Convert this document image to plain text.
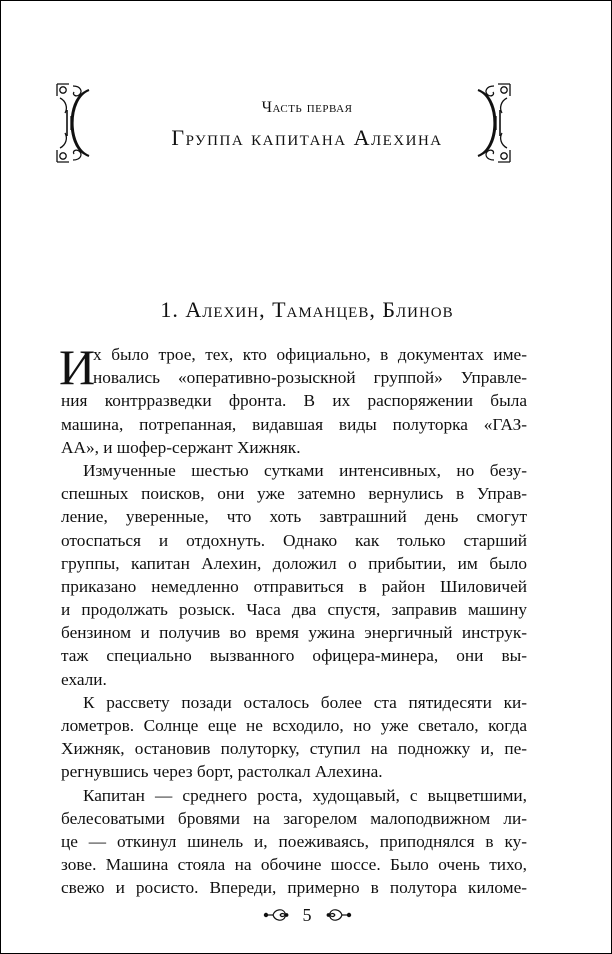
Часть первая
Группа капитана Алехина
1. Алехин, Таманцев, Блинов
И
х было трое, тех, кто официально, в документах име-
новались «оперативно-розыскной группой» Управле-
ния контрразведки фронта. В их распоряжении была
машина, потрепанная, видавшая виды полуторка «ГАЗ-
АА», и шофер-сержант Хижняк.
Измученные шестью сутками интенсивных, но безу-
спешных поисков, они уже затемно вернулись в Управ-
ление, уверенные, что хоть завтрашний день смогут
отоспаться и отдохнуть. Однако как только старший
группы, капитан Алехин, доложил о прибытии, им было
приказано немедленно отправиться в район Шиловичей
и продолжать розыск. Часа два спустя, заправив машину
бензином и получив во время ужина энергичный инструк-
таж специально вызванного офицера-минера, они вы-
ехали.
К рассвету позади осталось более ста пятидесяти ки-
лометров. Солнце еще не всходило, но уже светало, когда
Хижняк, остановив полуторку, ступил на подножку и, пе-
регнувшись через борт, растолкал Алехина.
Капитан — среднего роста, худощавый, с выцветшими,
белесоватыми бровями на загорелом малоподвижном ли-
це — откинул шинель и, поеживаясь, приподнялся в ку-
зове. Машина стояла на обочине шоссе. Было очень тихо,
свежо и росисто. Впереди, примерно в полутора киломе-
5
